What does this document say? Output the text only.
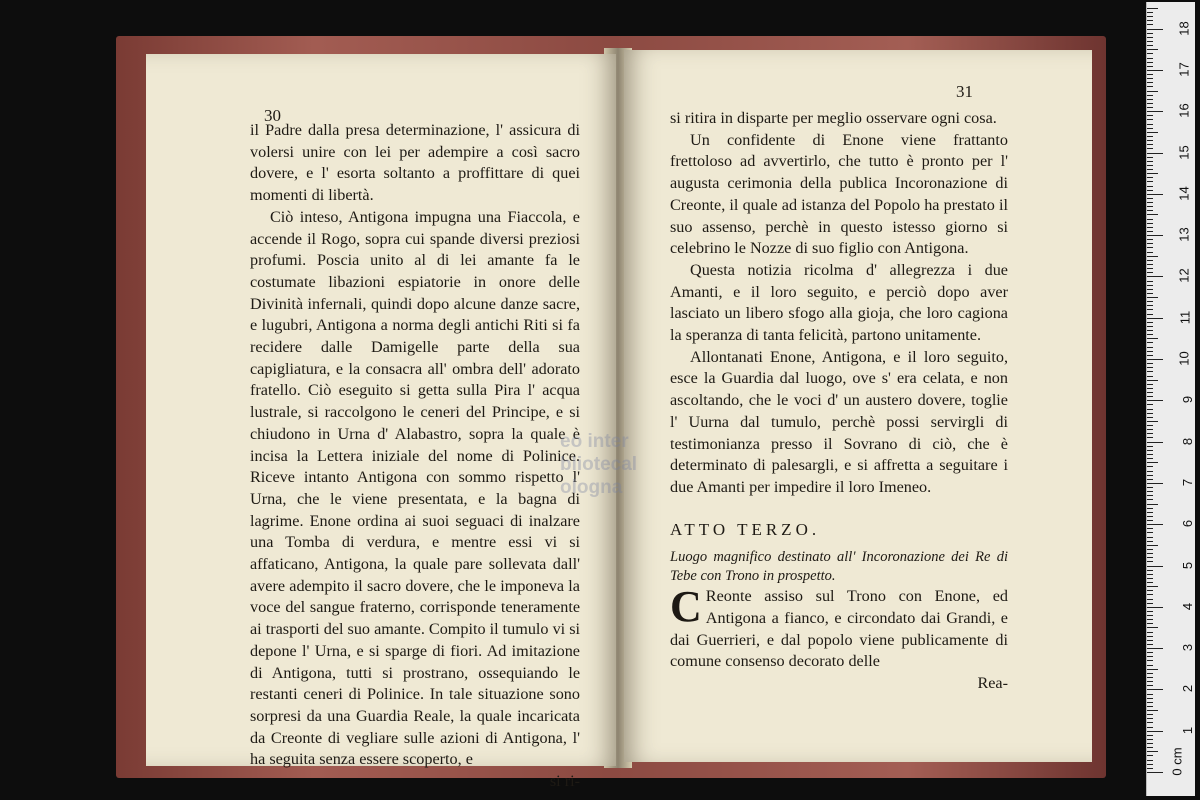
30

il Padre dalla presa determinazione, l' assicura di volersi unire con lei per adempire a così sacro dovere, e l' esorta soltanto a proffittare di quei momenti di libertà.

Ciò inteso, Antigona impugna una Fiaccola, e accende il Rogo, sopra cui spande diversi preziosi profumi. Poscia unito al di lei amante fa le costumate libazioni espiatorie in onore delle Divinità infernali, quindi dopo alcune danze sacre, e lugubri, Antigona a norma degli antichi Riti si fa recidere dalle Damigelle parte della sua capigliatura, e la consacra all' ombra dell' adorato fratello. Ciò eseguito si getta sulla Pira l' acqua lustrale, si raccolgono le ceneri del Principe, e si chiudono in Urna d' Alabastro, sopra la quale è incisa la Lettera iniziale del nome di Polinice. Riceve intanto Antigona con sommo rispetto l' Urna, che le viene presentata, e la bagna di lagrime. Enone ordina ai suoi seguaci di inalzare una Tomba di verdura, e mentre essi vi si affaticano, Antigona, la quale pare sollevata dall' avere adempito il sacro dovere, che le imponeva la voce del sangue fraterno, corrisponde teneramente ai trasporti del suo amante. Compito il tumulo vi si depone l' Urna, e si sparge di fiori. Ad imitazione di Antigona, tutti si prostrano, ossequiando le restanti ceneri di Polinice. In tale situazione sono sorpresi da una Guardia Reale, la quale incaricata da Creonte di vegliare sulle azioni di Antigona, l' ha seguita senza essere scoperto, e

si ri-

31

si ritira in disparte per meglio osservare ogni cosa.

Un confidente di Enone viene frattanto frettoloso ad avvertirlo, che tutto è pronto per l' augusta cerimonia della publica Incoronazione di Creonte, il quale ad istanza del Popolo ha prestato il suo assenso, perchè in questo istesso giorno si celebrino le Nozze di suo figlio con Antigona.

Questa notizia ricolma d' allegrezza i due Amanti, e il loro seguito, e perciò dopo aver lasciato un libero sfogo alla gioja, che loro cagiona la speranza di tanta felicità, partono unitamente.

Allontanati Enone, Antigona, e il loro seguito, esce la Guardia dal luogo, ove s' era celata, e non ascoltando, che le voci d' un austero dovere, toglie l' Uurna dal tumulo, perchè possi servirgli di testimonianza presso il Sovrano di ciò, che è determinato di palesargli, e si affretta a seguitare i due Amanti per impedire il loro Imeneo.

ATTO TERZO.

Luogo magnifico destinato all' Incoronazione dei Re di Tebe con Trono in prospetto.

C Reonte assiso sul Trono con Enone, ed Antigona a fianco, e circondato dai Grandi, e dai Guerrieri, e dal popolo viene publicamente di comune consenso decorato delle

Rea-

eo inter
bliotecal
ologna
0 cm
1
2
3
4
5
6
7
8
9
10
11
12
13
14
15
16
17
18
